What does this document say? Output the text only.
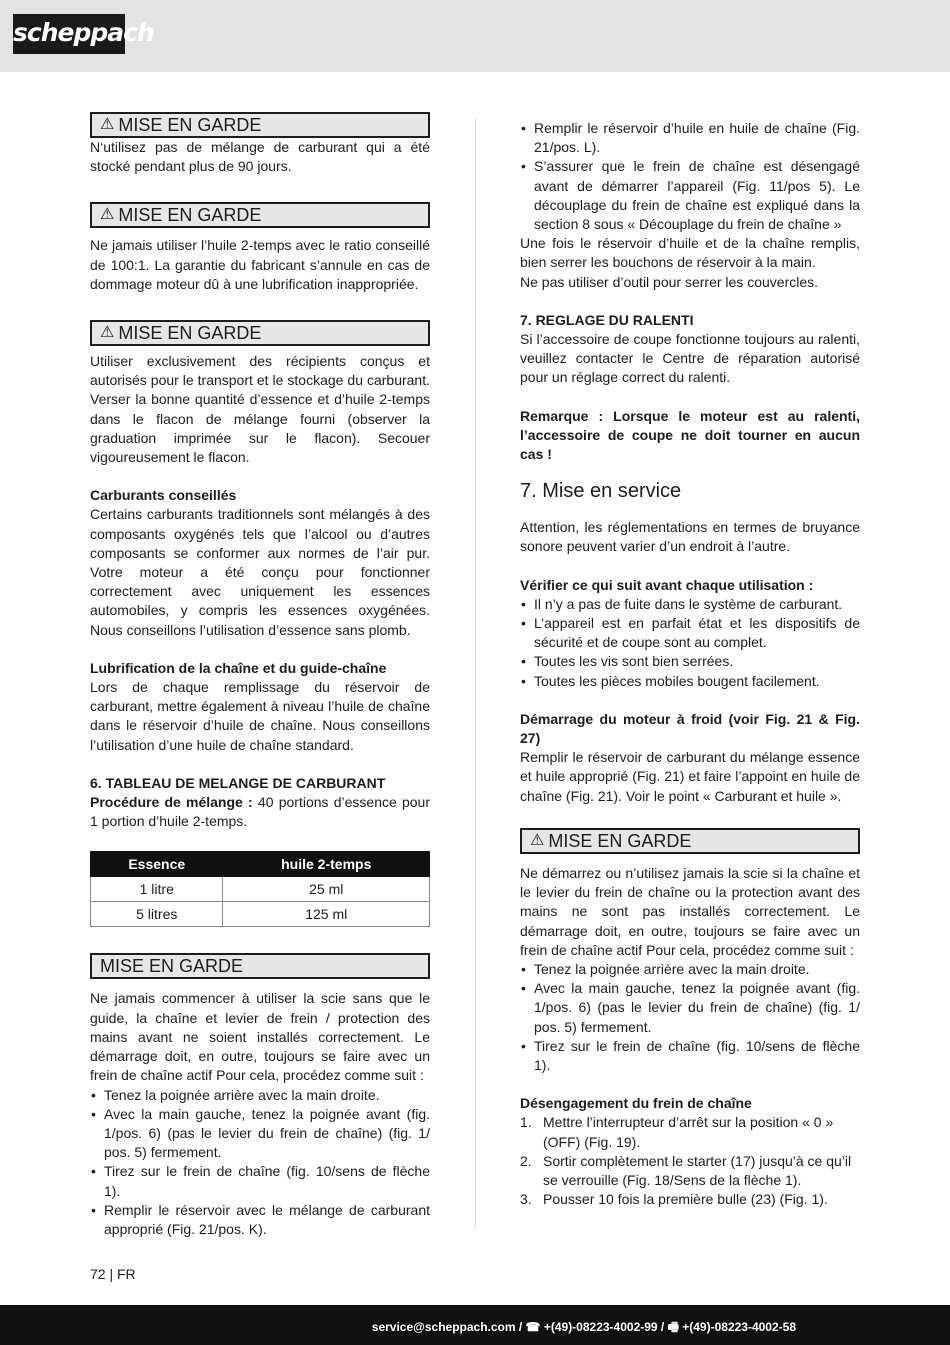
scheppach
⚠ MISE EN GARDE

N‘utilisez pas de mélange de carburant qui a été stocké pendant plus de 90 jours.

⚠ MISE EN GARDE

Ne jamais utiliser l’huile 2-temps avec le ratio conseillé de 100:1. La garantie du fabricant s’annule en cas de dommage moteur dû à une lubrification inappropriée.

⚠ MISE EN GARDE

Utiliser exclusivement des récipients conçus et autorisés pour le transport et le stockage du carburant. Verser la bonne quantité d’essence et d’huile 2-temps dans le flacon de mélange fourni (observer la graduation imprimée sur le flacon). Secouer vigoureusement le flacon.

Carburants conseillés

Certains carburants traditionnels sont mélangés à des composants oxygénés tels que l’alcool ou d’autres composants se conformer aux normes de l’air pur. Votre moteur a été conçu pour fonctionner correctement avec uniquement les essences automobiles, y compris les essences oxygénées. Nous conseillons l’utilisation d’essence sans plomb.

Lubrification de la chaîne et du guide-chaîne

Lors de chaque remplissage du réservoir de carburant, mettre également à niveau l’huile de chaîne dans le réservoir d’huile de chaîne. Nous conseillons l’utilisation d’une huile de chaîne standard.

6. TABLEAU DE MELANGE DE CARBURANT

Procédure de mélange : 40 portions d’essence pour 1 portion d’huile 2-temps.

Essence	huile 2-temps
1 litre	25 ml
5 litres	125 ml
MISE EN GARDE

Ne jamais commencer à utiliser la scie sans que le guide, la chaîne et levier de frein / protection des mains avant ne soient installés correctement. Le démarrage doit, en outre, toujours se faire avec un frein de chaîne actif Pour cela, procédez comme suit :

• Tenez la poignée arrière avec la main droite.
• Avec la main gauche, tenez la poignée avant (fig. 1/pos. 6) (pas le levier du frein de chaîne) (fig. 1/ pos. 5) fermement.
• Tirez sur le frein de chaîne (fig. 10/sens de flèche 1).
• Remplir le réservoir avec le mélange de carburant approprié (Fig. 21/pos. K).
• Remplir le réservoir d’huile en huile de chaîne (Fig. 21/pos. L).
• S’assurer que le frein de chaîne est désengagé avant de démarrer l’appareil (Fig. 11/pos 5). Le découplage du frein de chaîne est expliqué dans la section 8 sous « Découplage du frein de chaîne »

Une fois le réservoir d’huile et de la chaîne remplis, bien serrer les bouchons de réservoir à la main.

Ne pas utiliser d’outil pour serrer les couvercles.

7. REGLAGE DU RALENTI

Si l’accessoire de coupe fonctionne toujours au ralenti, veuillez contacter le Centre de réparation autorisé pour un réglage correct du ralenti.

Remarque : Lorsque le moteur est au ralenti, l’accessoire de coupe ne doit tourner en aucun cas !

7. Mise en service

Attention, les réglementations en termes de bruyance sonore peuvent varier d’un endroit à l’autre.

Vérifier ce qui suit avant chaque utilisation :

• Il n’y a pas de fuite dans le système de carburant.
• L’appareil est en parfait état et les dispositifs de sécurité et de coupe sont au complet.
• Toutes les vis sont bien serrées.
• Toutes les pièces mobiles bougent facilement.

Démarrage du moteur à froid (voir Fig. 21 & Fig. 27)

Remplir le réservoir de carburant du mélange essence et huile approprié (Fig. 21) et faire l’appoint en huile de chaîne (Fig. 21). Voir le point « Carburant et huile ».

⚠ MISE EN GARDE

Ne démarrez ou n’utilisez jamais la scie si la chaîne et le levier du frein de chaîne ou la protection avant des mains ne sont pas installés correctement. Le démarrage doit, en outre, toujours se faire avec un frein de chaîne actif Pour cela, procédez comme suit :

• Tenez la poignée arrière avec la main droite.
• Avec la main gauche, tenez la poignée avant (fig. 1/pos. 6) (pas le levier du frein de chaîne) (fig. 1/ pos. 5) fermement.
• Tirez sur le frein de chaîne (fig. 10/sens de flèche 1).

Désengagement du frein de chaîne

1. Mettre l’interrupteur d’arrêt sur la position « 0 » (OFF) (Fig. 19).
2. Sortir complètement le starter (17) jusqu’à ce qu’il se verrouille (Fig. 18/Sens de la flèche 1).
3. Pousser 10 fois la première bulle (23) (Fig. 1).
72 | FR
service@scheppach.com / ☎ +(49)-08223-4002-99 / 🖷 +(49)-08223-4002-58
